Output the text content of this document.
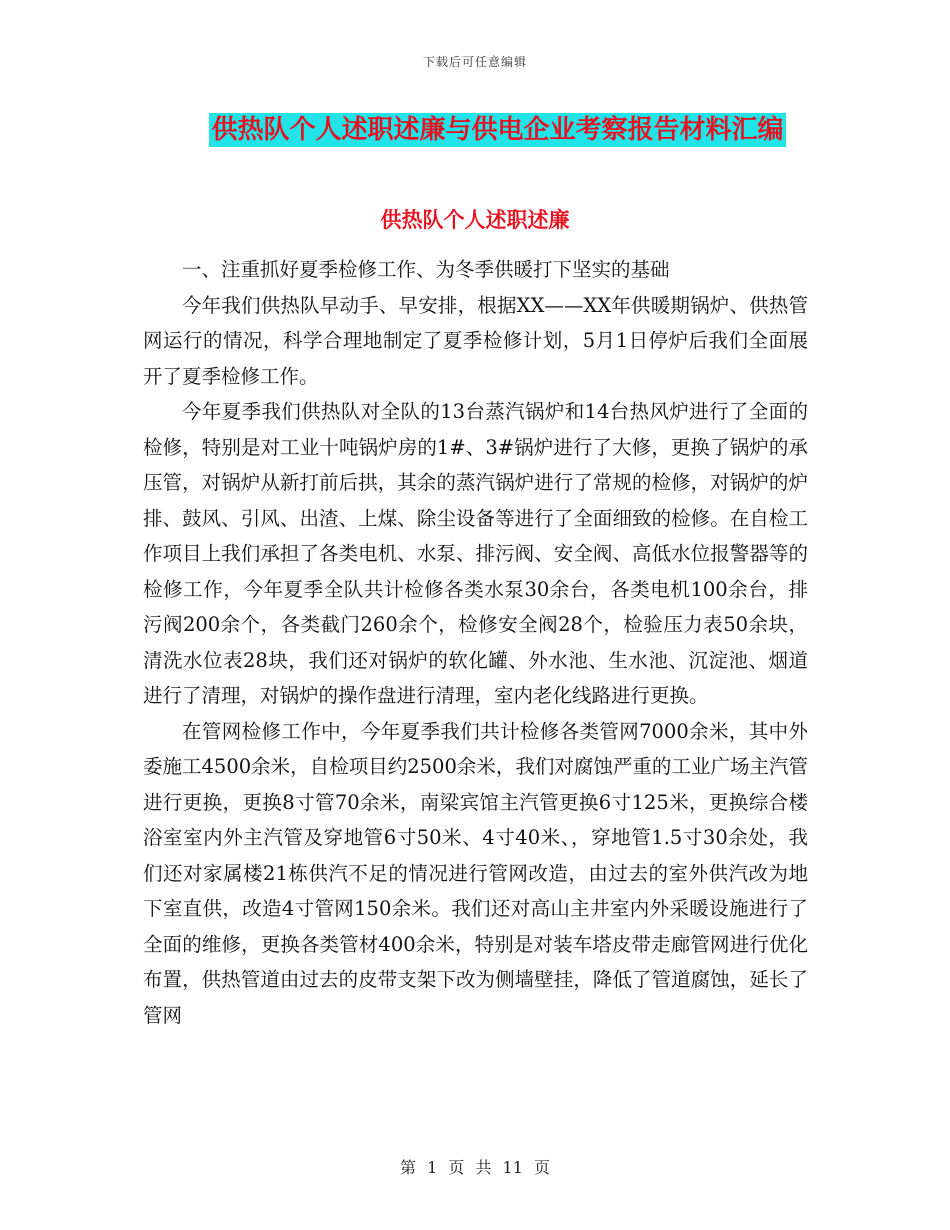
下载后可任意编辑
供热队个人述职述廉与供电企业考察报告材料汇编
供热队个人述职述廉

一、注重抓好夏季检修工作、为冬季供暖打下坚实的基础

今年我们供热队早动手、早安排，根据XX——XX年供暖期锅炉、供热管网运行的情况，科学合理地制定了夏季检修计划，5月1日停炉后我们全面展开了夏季检修工作。

今年夏季我们供热队对全队的13台蒸汽锅炉和14台热风炉进行了全面的检修，特别是对工业十吨锅炉房的1#、3#锅炉进行了大修，更换了锅炉的承压管，对锅炉从新打前后拱，其余的蒸汽锅炉进行了常规的检修，对锅炉的炉排、鼓风、引风、出渣、上煤、除尘设备等进行了全面细致的检修。在自检工作项目上我们承担了各类电机、水泵、排污阀、安全阀、高低水位报警器等的检修工作，今年夏季全队共计检修各类水泵30余台，各类电机100余台，排污阀200余个，各类截门260余个，检修安全阀28个，检验压力表50余块，清洗水位表28块，我们还对锅炉的软化罐、外水池、生水池、沉淀池、烟道进行了清理，对锅炉的操作盘进行清理，室内老化线路进行更换。

在管网检修工作中，今年夏季我们共计检修各类管网7000余米，其中外委施工4500余米，自检项目约2500余米，我们对腐蚀严重的工业广场主汽管进行更换，更换8寸管70余米，南梁宾馆主汽管更换6寸125米，更换综合楼浴室室内外主汽管及穿地管6寸50米、4寸40米、，穿地管1.5寸30余处，我们还对家属楼21栋供汽不足的情况进行管网改造，由过去的室外供汽改为地下室直供，改造4寸管网150余米。我们还对高山主井室内外采暖设施进行了全面的维修，更换各类管材400余米，特别是对装车塔皮带走廊管网进行优化布置，供热管道由过去的皮带支架下改为侧墙壁挂，降低了管道腐蚀，延长了管网

第 1 页 共 11 页
